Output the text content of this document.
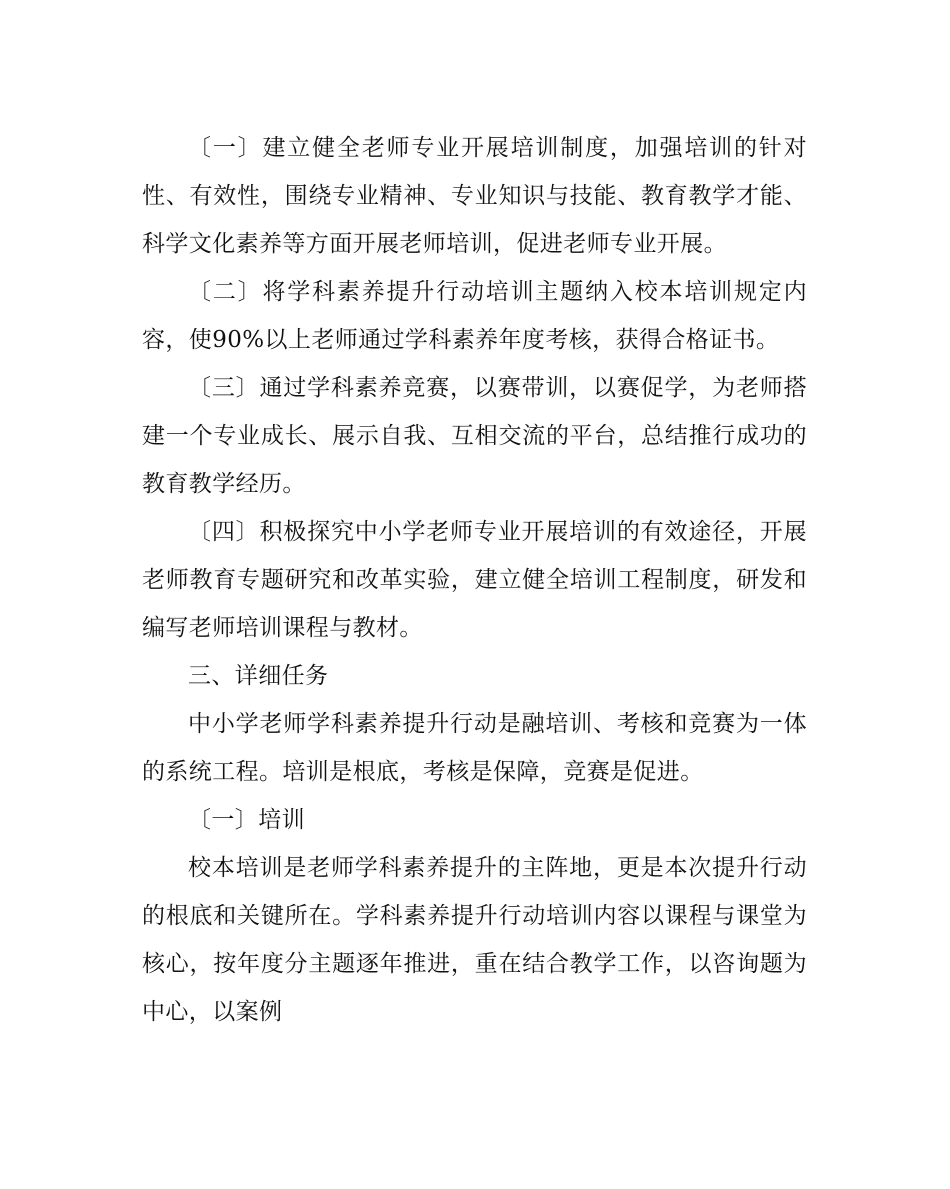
〔一〕建立健全老师专业开展培训制度，加强培训的针对性、有效性，围绕专业精神、专业知识与技能、教育教学才能、科学文化素养等方面开展老师培训，促进老师专业开展。

〔二〕将学科素养提升行动培训主题纳入校本培训规定内容，使90%以上老师通过学科素养年度考核，获得合格证书。

〔三〕通过学科素养竞赛，以赛带训，以赛促学，为老师搭建一个专业成长、展示自我、互相交流的平台，总结推行成功的教育教学经历。

〔四〕积极探究中小学老师专业开展培训的有效途径，开展老师教育专题研究和改革实验，建立健全培训工程制度，研发和编写老师培训课程与教材。

三、详细任务

中小学老师学科素养提升行动是融培训、考核和竞赛为一体的系统工程。培训是根底，考核是保障，竞赛是促进。

〔一〕培训

校本培训是老师学科素养提升的主阵地，更是本次提升行动的根底和关键所在。学科素养提升行动培训内容以课程与课堂为核心，按年度分主题逐年推进，重在结合教学工作，以咨询题为中心，以案例
